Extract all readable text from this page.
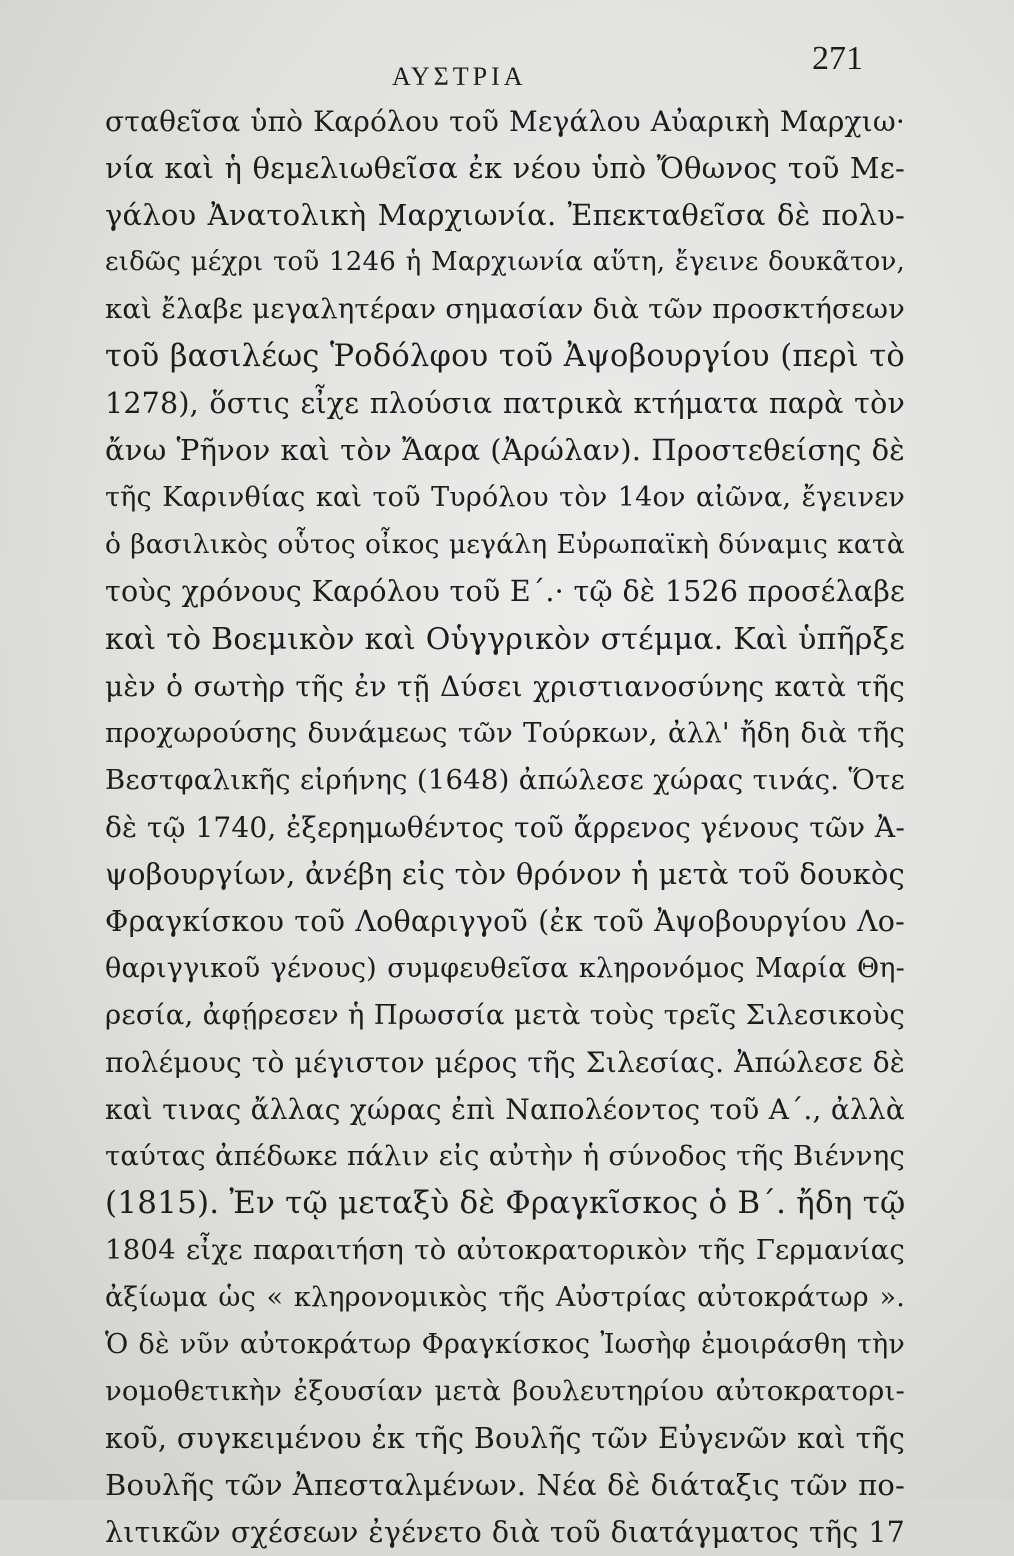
ΑΥΣΤΡΙΑ	271
σταθεῖσα ὑπὸ Καρόλου τοῦ Μεγάλου Αὐαρικὴ Μαρχιω·
νία καὶ ἡ θεμελιωθεῖσα ἐκ νέου ὑπὸ Ὄθωνος τοῦ Με-
γάλου Ἀνατολικὴ Μαρχιωνία. Ἐπεκταθεῖσα δὲ πολυ-
ειδῶς μέχρι τοῦ 1246 ἡ Μαρχιωνία αὕτη, ἔγεινε δουκᾶτον,
καὶ ἔλαβε μεγαλητέραν σημασίαν διὰ τῶν προσκτήσεων
τοῦ βασιλέως Ῥοδόλφου τοῦ Ἀψοβουργίου (περὶ τὸ
1278), ὅστις εἶχε πλούσια πατρικὰ κτήματα παρὰ τὸν
ἄνω Ῥῆνον καὶ τὸν Ἄαρα (Ἀρώλαν). Προστεθείσης δὲ
τῆς Καρινθίας καὶ τοῦ Τυρόλου τὸν 14ον αἰῶνα, ἔγεινεν
ὁ βασιλικὸς οὗτος οἶκος μεγάλη Εὐρωπαϊκὴ δύναμις κατὰ
τοὺς χρόνους Καρόλου τοῦ Ε΄.· τῷ δὲ 1526 προσέλαβε
καὶ τὸ Βοεμικὸν καὶ Οὑγγρικὸν στέμμα. Καὶ ὑπῆρξε
μὲν ὁ σωτὴρ τῆς ἐν τῇ Δύσει χριστιανοσύνης κατὰ τῆς
προχωρούσης δυνάμεως τῶν Τούρκων, ἀλλ' ἤδη διὰ τῆς
Βεστφαλικῆς εἰρήνης (1648) ἀπώλεσε χώρας τινάς. Ὅτε
δὲ τῷ 1740, ἐξερημωθέντος τοῦ ἄρρενος γένους τῶν Ἀ-
ψοβουργίων, ἀνέβη εἰς τὸν θρόνον ἡ μετὰ τοῦ δουκὸς
Φραγκίσκου τοῦ Λοθαριγγοῦ (ἐκ τοῦ Ἀψοβουργίου Λο-
θαριγγικοῦ γένους) συμφευθεῖσα κληρονόμος Μαρία Θη-
ρεσία, ἀφῄρεσεν ἡ Πρωσσία μετὰ τοὺς τρεῖς Σιλεσικοὺς
πολέμους τὸ μέγιστον μέρος τῆς Σιλεσίας. Ἀπώλεσε δὲ
καὶ τινας ἄλλας χώρας ἐπὶ Ναπολέοντος τοῦ Α΄., ἀλλὰ
ταύτας ἀπέδωκε πάλιν εἰς αὐτὴν ἡ σύνοδος τῆς Βιέννης
(1815). Ἐν τῷ μεταξὺ δὲ Φραγκῖσκος ὁ Β΄. ἤδη τῷ
1804 εἶχε παραιτήση τὸ αὐτοκρατορικὸν τῆς Γερμανίας
ἀξίωμα ὡς « κληρονομικὸς τῆς Αὐστρίας αὐτοκράτωρ ».
Ὁ δὲ νῦν αὐτοκράτωρ Φραγκίσκος Ἰωσὴφ ἐμοιράσθη τὴν
νομοθετικὴν ἐξουσίαν μετὰ βουλευτηρίου αὐτοκρατορι-
κοῦ, συγκειμένου ἐκ τῆς Βουλῆς τῶν Εὐγενῶν καὶ τῆς
Βουλῆς τῶν Ἀπεσταλμένων. Νέα δὲ διάταξις τῶν πο-
λιτικῶν σχέσεων ἐγένετο διὰ τοῦ διατάγματος τῆς 17
